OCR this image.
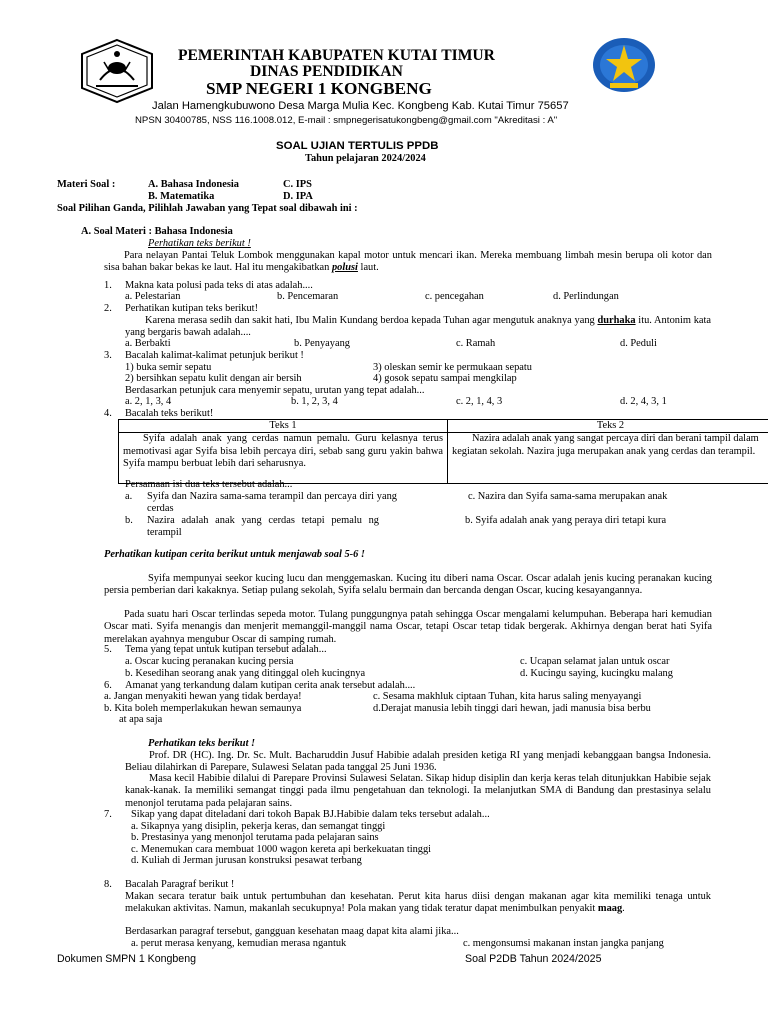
PEMERINTAH KABUPATEN KUTAI TIMUR
DINAS PENDIDIKAN
SMP NEGERI 1 KONGBENG
Jalan Hamengkubuwono Desa Marga Mulia Kec. Kongbeng Kab. Kutai Timur 75657
NPSN 30400785, NSS 116.1008.012, E-mail : smpnegerisatukongbeng@gmail.com "Akreditasi : A"
SOAL UJIAN TERTULIS PPDB
Tahun pelajaran 2024/2024
Materi Soal :	A. Bahasa Indonesia	C. IPS
B. Matematika	D. IPA
Soal Pilihan Ganda, Pilihlah Jawaban yang Tepat soal dibawah ini :
A. Soal Materi : Bahasa Indonesia
Perhatikan teks berikut !
Para nelayan Pantai Teluk Lombok menggunakan kapal motor untuk mencari ikan. Mereka membuang limbah mesin berupa oli kotor dan sisa bahan bakar bekas ke laut. Hal itu mengakibatkan polusi laut.
1. Makna kata polusi pada teks di atas adalah....
a. Pelestarian	b. Pencemaran	c. pencegahan	d. Perlindungan
2. Perhatikan kutipan teks berikut!
Karena merasa sedih dan sakit hati, Ibu Malin Kundang berdoa kepada Tuhan agar mengutuk anaknya yang durhaka itu. Antonim kata yang bergaris bawah adalah....
a. Berbakti	b. Penyayang	c. Ramah	d. Peduli
3. Bacalah kalimat-kalimat petunjuk berikut !
1) buka semir sepatu	3) oleskan semir ke permukaan sepatu
2) bersihkan sepatu kulit dengan air bersih	4) gosok sepatu sampai mengkilap
Berdasarkan petunjuk cara menyemir sepatu, urutan yang tepat adalah...
a. 2, 1, 3, 4	b. 1, 2, 3, 4	c. 2, 1, 4, 3	d. 2, 4, 3, 1
4. Bacalah teks berikut!
Teks 1	Teks 2
Syifa adalah anak yang cerdas namun pemalu. Guru kelasnya terus memotivasi agar Syifa bisa lebih percaya diri, sebab sang guru yakin bahwa Syifa mampu berbuat lebih dari seharusnya.	Nazira adalah anak yang sangat percaya diri dan berani tampil dalam kegiatan sekolah. Nazira juga merupakan anak yang cerdas dan terampil.
Persamaan isi dua teks tersebut adalah...
a. Syifa dan Nazira sama-sama terampil dan percaya diri yang cerdas
c. Nazira dan Syifa sama-sama merupakan anak
b. Nazira adalah anak yang cerdas tetapi pemalu ng terampil
b. Syifa adalah anak yang peraya diri tetapi kura
Perhatikan kutipan cerita berikut untuk menjawab soal 5-6 !
Syifa mempunyai seekor kucing lucu dan menggemaskan. Kucing itu diberi nama Oscar. Oscar adalah jenis kucing peranakan kucing persia pemberian dari kakaknya. Setiap pulang sekolah, Syifa selalu bermain dan bercanda dengan Oscar, kucing kesayangannya.
Pada suatu hari Oscar terlindas sepeda motor. Tulang punggungnya patah sehingga Oscar mengalami kelumpuhan. Beberapa hari kemudian Oscar mati. Syifa menangis dan menjerit memanggil-manggil nama Oscar, tetapi Oscar tetap tidak bergerak. Akhirnya dengan berat hati Syifa merelakan ayahnya mengubur Oscar di samping rumah.
5. Tema yang tepat untuk kutipan tersebut adalah...
a. Oscar kucing peranakan kucing persia	c. Ucapan selamat jalan untuk oscar
b. Kesedihan seorang anak yang ditinggal oleh kucingnya	d. Kucingu saying, kucingku malang
6. Amanat yang terkandung dalam kutipan cerita anak tersebut adalah....
a. Jangan menyakiti hewan yang tidak berdaya!	c. Sesama makhluk ciptaan Tuhan, kita harus saling menyayangi
b. Kita boleh memperlakukan hewan semaunya	d.Derajat manusia lebih tinggi dari hewan, jadi manusia bisa berbu
at apa saja
Perhatikan teks berikut !
Prof. DR (HC). Ing. Dr. Sc. Mult. Bacharuddin Jusuf Habibie adalah presiden ketiga RI yang menjadi kebanggaan bangsa Indonesia. Beliau dilahirkan di Parepare, Sulawesi Selatan pada tanggal 25 Juni 1936.
Masa kecil Habibie dilalui di Parepare Provinsi Sulawesi Selatan. Sikap hidup disiplin dan kerja keras telah ditunjukkan Habibie sejak kanak-kanak. Ia memiliki semangat tinggi pada ilmu pengetahuan dan teknologi. Ia melanjutkan SMA di Bandung dan prestasinya selalu menonjol terutama pada pelajaran sains.
7. Sikap yang dapat diteladani dari tokoh Bapak BJ.Habibie dalam teks tersebut adalah...
a. Sikapnya yang disiplin, pekerja keras, dan semangat tinggi
b. Prestasinya yang menonjol terutama pada pelajaran sains
c. Menemukan cara membuat 1000 wagon kereta api berkekuatan tinggi
d. Kuliah di Jerman jurusan konstruksi pesawat terbang
8. Bacalah Paragraf berikut !
Makan secara teratur baik untuk pertumbuhan dan kesehatan. Perut kita harus diisi dengan makanan agar kita memiliki tenaga untuk melakukan aktivitas. Namun, makanlah secukupnya! Pola makan yang tidak teratur dapat menimbulkan penyakit maag.
Berdasarkan paragraf tersebut, gangguan kesehatan maag dapat kita alami jika...
a. perut merasa kenyang, kemudian merasa ngantuk	c. mengonsumsi makanan instan jangka panjang
Dokumen SMPN 1 Kongbeng	Soal P2DB Tahun 2024/2025
